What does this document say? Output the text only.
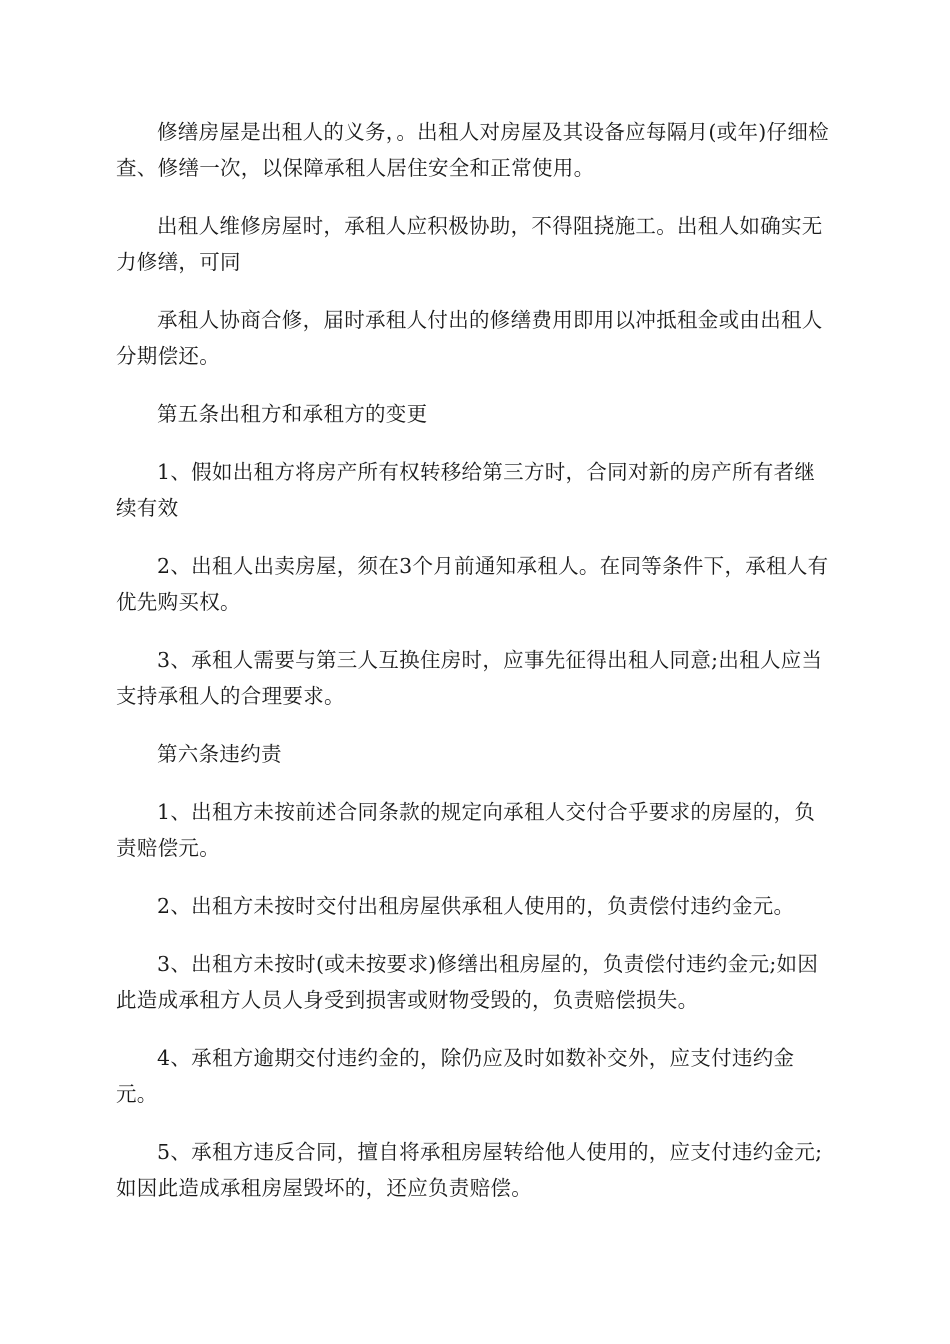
修缮房屋是出租人的义务，。出租人对房屋及其设备应每隔月(或年)仔细检查、修缮一次，以保障承租人居住安全和正常使用。

出租人维修房屋时，承租人应积极协助，不得阻挠施工。出租人如确实无力修缮，可同

承租人协商合修，届时承租人付出的修缮费用即用以冲抵租金或由出租人分期偿还。

第五条出租方和承租方的变更

1、假如出租方将房产所有权转移给第三方时，合同对新的房产所有者继续有效

2、出租人出卖房屋，须在3个月前通知承租人。在同等条件下，承租人有优先购买权。

3、承租人需要与第三人互换住房时，应事先征得出租人同意;出租人应当支持承租人的合理要求。

第六条违约责

1、出租方未按前述合同条款的规定向承租人交付合乎要求的房屋的，负责赔偿元。

2、出租方未按时交付出租房屋供承租人使用的，负责偿付违约金元。

3、出租方未按时(或未按要求)修缮出租房屋的，负责偿付违约金元;如因此造成承租方人员人身受到损害或财物受毁的，负责赔偿损失。

4、承租方逾期交付违约金的，除仍应及时如数补交外，应支付违约金元。

5、承租方违反合同，擅自将承租房屋转给他人使用的，应支付违约金元;如因此造成承租房屋毁坏的，还应负责赔偿。
